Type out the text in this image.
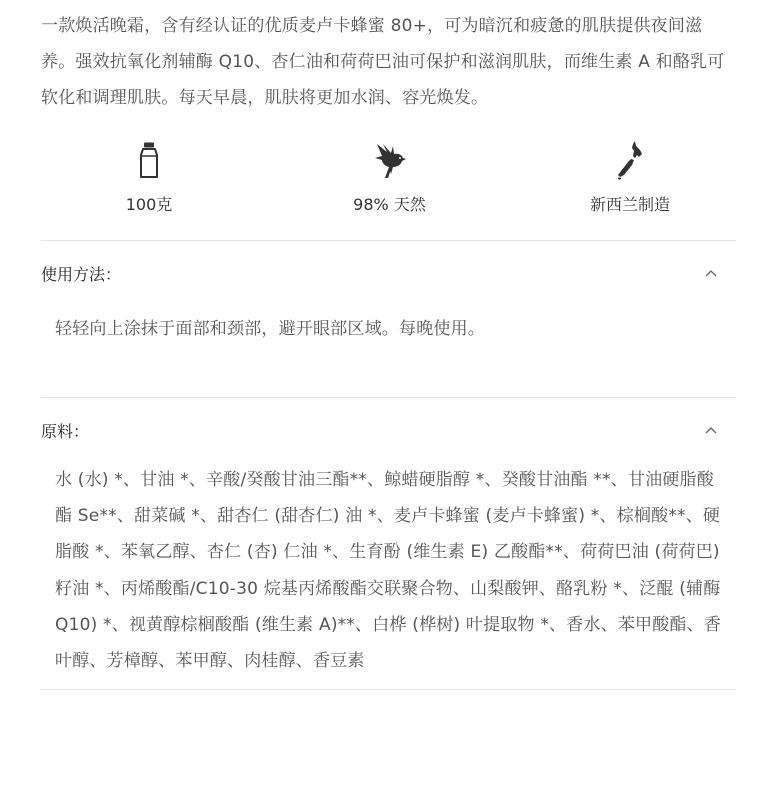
一款焕活晚霜，含有经认证的优质麦卢卡蜂蜜 80+，可为暗沉和疲惫的肌肤提供夜间滋养。强效抗氧化剂辅酶 Q10、杏仁油和荷荷巴油可保护和滋润肌肤，而维生素 A 和酪乳可软化和调理肌肤。每天早晨，肌肤将更加水润、容光焕发。

100克	98% 天然	新西兰制造
使用方法：
轻轻向上涂抹于面部和颈部，避开眼部区域。每晚使用。
原料：
水 (水) *、甘油 *、辛酸/癸酸甘油三酯**、鲸蜡硬脂醇 *、癸酸甘油酯 **、甘油硬脂酸酯 Se**、甜菜碱 *、甜杏仁 (甜杏仁) 油 *、麦卢卡蜂蜜 (麦卢卡蜂蜜) *、棕榈酸**、硬脂酸 *、苯氧乙醇、杏仁 (杏) 仁油 *、生育酚 (维生素 E) 乙酸酯**、荷荷巴油 (荷荷巴) 籽油 *、丙烯酸酯/C10-30 烷基丙烯酸酯交联聚合物、山梨酸钾、酪乳粉 *、泛醌 (辅酶 Q10) *、视黄醇棕榈酸酯 (维生素 A)**、白桦 (桦树) 叶提取物 *、香水、苯甲酸酯、香叶醇、芳樟醇、苯甲醇、肉桂醇、香豆素
